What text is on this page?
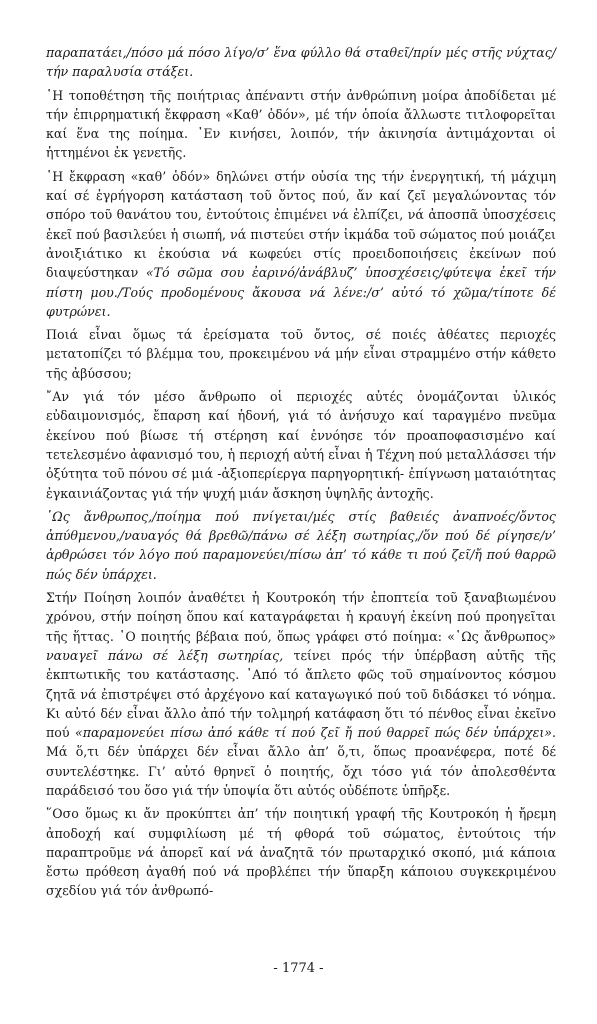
παραπατάει,/πόσο μά πόσο λίγο/σ’ ἕνα φύλλο θά σταθεῖ/πρίν μές στῆς νύχτας/τήν παραλυσία στάξει.

῾Η τοποθέτηση τῆς ποιήτριας ἀπέναντι στήν ἀνθρώπινη μοίρα ἀποδίδεται μέ τήν ἐπιρρηματική ἔκφραση «Καθ’ ὁδόν», μέ τήν ὁποία ἄλλωστε τιτλοφορεῖται καί ἕνα της ποίημα. ᾿Εν κινήσει, λοιπόν, τήν ἀκινησία ἀντιμάχονται οἱ ἡττημένοι ἐκ γενετῆς.

῾Η ἔκφραση «καθ’ ὁδόν» δηλώνει στήν οὐσία της τήν ἐνεργητική, τή μάχιμη καί σέ ἐγρήγορση κατάσταση τοῦ ὄντος πού, ἄν καί ζεῖ μεγαλώνοντας τόν σπόρο τοῦ θανάτου του, ἐντούτοις ἐπιμένει νά ἐλπίζει, νά ἀποσπᾶ ὑποσχέσεις ἐκεῖ πού βασιλεύει ἡ σιωπή, νά πιστεύει στήν ἰκμάδα τοῦ σώματος πού μοιάζει ἀνοιξιάτικο κι ἑκούσια νά κωφεύει στίς προειδοποιήσεις ἐκείνων πού διαψεύστηκαν «Τό σῶμα σου ἐαρινό/ἀνάβλυζ’ ὑποσχέσεις/φύτεψα ἐκεῖ τήν πίστη μου./Τούς προδομένους ἄκουσα νά λένε:/σ’ αὐτό τό χῶμα/τίποτε δέ φυτρώνει.

Ποιά εἶναι ὅμως τά ἐρείσματα τοῦ ὄντος, σέ ποιές ἀθέατες περιοχές μετατοπίζει τό βλέμμα του, προκειμένου νά μήν εἶναι στραμμένο στήν κάθετο τῆς ἀβύσσου;

῎Αν γιά τόν μέσο ἄνθρωπο οἱ περιοχές αὐτές ὀνομάζονται ὑλικός εὐδαιμονισμός, ἔπαρση καί ἡδονή, γιά τό ἀνήσυχο καί ταραγμένο πνεῦμα ἐκείνου πού βίωσε τή στέρηση καί ἐννόησε τόν προαποφασισμένο καί τετελεσμένο ἀφανισμό του, ἡ περιοχή αὐτή εἶναι ἡ Τέχνη πού μεταλλάσσει τήν ὀξύτητα τοῦ πόνου σέ μιά -ἀξιοπερίεργα παρηγορητική- ἐπίγνωση ματαιότητας ἐγκαινιάζοντας γιά τήν ψυχή μιάν ἄσκηση ὑψηλῆς ἀντοχῆς.

῾Ως ἄνθρωπος,/ποίημα πού πνίγεται/μές στίς βαθειές ἀναπνοές/ὄντος ἀπύθμενου,/ναυαγός θά βρεθῶ/πάνω σέ λέξη σωτηρίας,/ὅν πού δέ ρίγησε/ν’ ἀρθρώσει τόν λόγο πού παραμονεύει/πίσω ἀπ’ τό κάθε τι πού ζεῖ/ἤ πού θαρρῶ πώς δέν ὑπάρχει.

Στήν Ποίηση λοιπόν ἀναθέτει ἡ Κουτροκόη τήν ἐποπτεία τοῦ ξαναβιωμένου χρόνου, στήν ποίηση ὅπου καί καταγράφεται ἡ κραυγή ἐκείνη πού προηγεῖται τῆς ἥττας. ῾Ο ποιητής βέβαια πού, ὅπως γράφει στό ποίημα: «῾Ως ἄνθρωπος» ναυαγεῖ πάνω σέ λέξη σωτηρίας, τείνει πρός τήν ὑπέρβαση αὐτῆς τῆς ἐκπτωτικῆς του κατάστασης. ᾿Από τό ἄπλετο φῶς τοῦ σημαίνοντος κόσμου ζητᾶ νά ἐπιστρέψει στό ἀρχέγονο καί καταγωγικό πού τοῦ διδάσκει τό νόημα. Κι αὐτό δέν εἶναι ἄλλο ἀπό τήν τολμηρή κατάφαση ὅτι τό πένθος εἶναι ἐκεῖνο πού «παραμονεύει πίσω ἀπό κάθε τί πού ζεῖ ἤ πού θαρρεῖ πώς δέν ὑπάρχει». Μά ὅ,τι δέν ὑπάρχει δέν εἶναι ἄλλο ἀπ’ ὅ,τι, ὅπως προανέφερα, ποτέ δέ συντελέστηκε. Γι’ αὐτό θρηνεῖ ὁ ποιητής, ὄχι τόσο γιά τόν ἀπολεσθέντα παράδεισό του ὅσο γιά τήν ὑποψία ὅτι αὐτός οὐδέποτε ὑπῆρξε.

῞Οσο ὅμως κι ἄν προκύπτει ἀπ’ τήν ποιητική γραφή τῆς Κουτροκόη ἡ ἤρεμη ἀποδοχή καί συμφιλίωση μέ τή φθορά τοῦ σώματος, ἐντούτοις τήν παραπτροῦμε νά ἀπορεῖ καί νά ἀναζητᾶ τόν πρωταρχικό σκοπό, μιά κάποια ἔστω πρόθεση ἀγαθή πού νά προβλέπει τήν ὕπαρξη κάποιου συγκεκριμένου σχεδίου γιά τόν ἀνθρωπό-

- 1774 -
